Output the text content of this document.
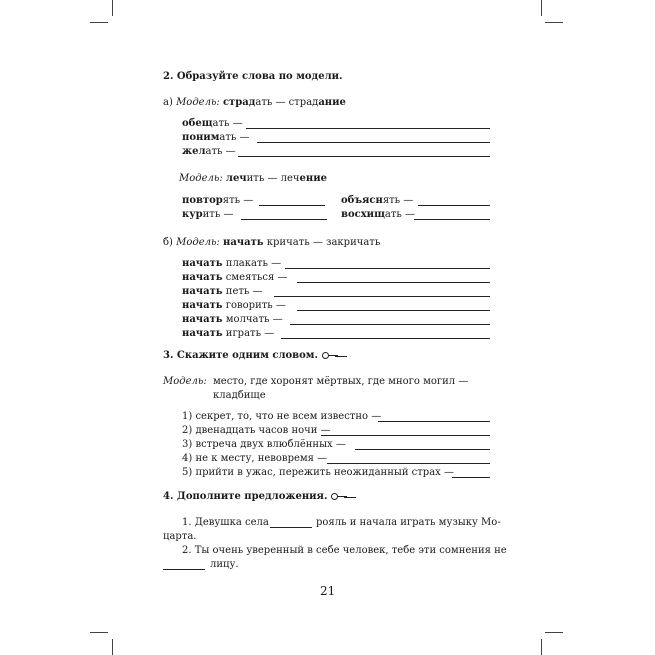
2. Образуйте слова по модели.
а) Модель: страдать — страдание
обещать —
понимать —
желать —
Модель: лечить — лечение
повторять —	объяснять —
курить —	восхищать —
б) Модель: начать кричать — закричать
начать плакать —
начать смеяться —
начать петь —
начать говорить —
начать молчать —
начать играть —
3. Скажите одним словом.
Модель: место, где хоронят мёртвых, где много могил —
кладбище
1) секрет, то, что не всем известно —
2) двенадцать часов ночи —
3) встреча двух влюблённых —
4) не к месту, невовремя —
5) прийти в ужас, пережить неожиданный страх —
4. Дополните предложения.
1. Девушка села	рояль и начала играть музыку Мо-
царта.
2. Ты очень уверенный в себе человек, тебе эти сомнения не
лицу.
21
